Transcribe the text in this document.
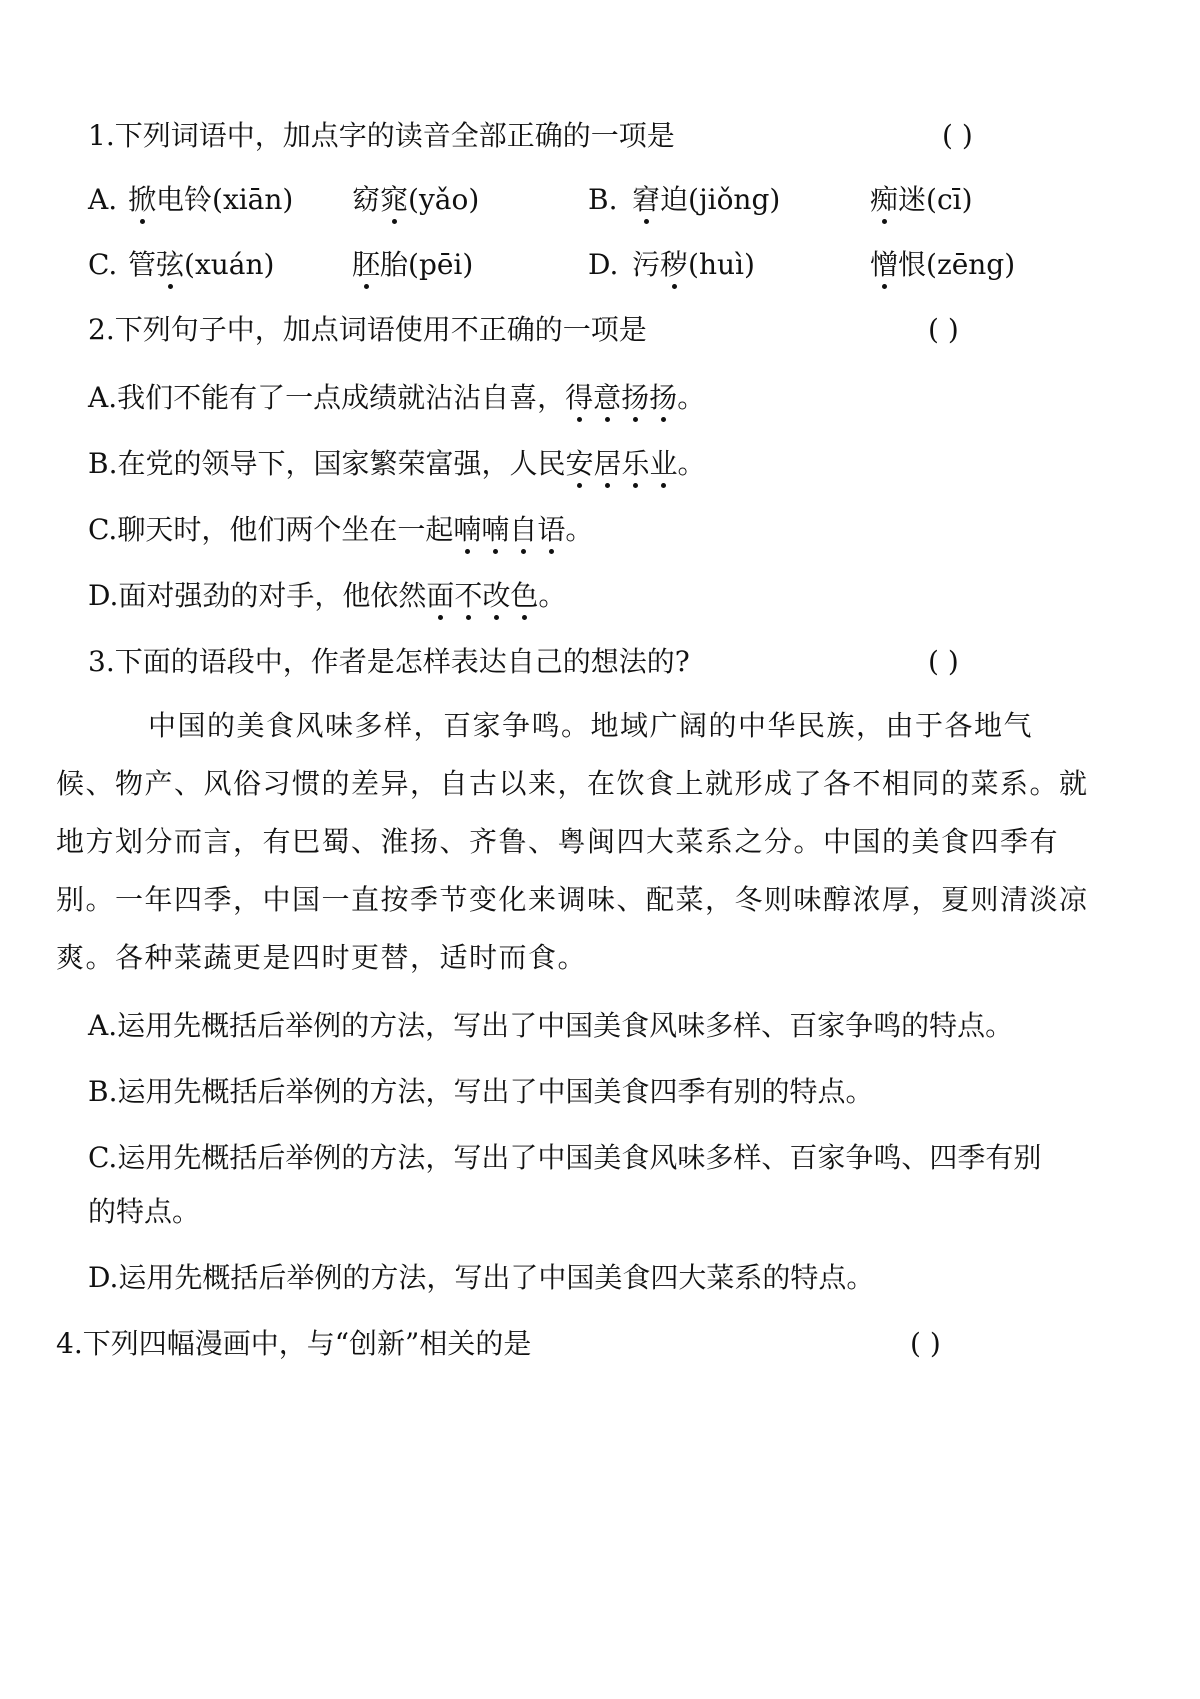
1.下列词语中，加点字的读音全部正确的一项是	( )
A. 掀电铃(xiān) 窈窕(yǎo)	B. 窘迫(jiǒng)	痴迷(cī)
C. 管弦(xuán)	胚胎(pēi)	D. 污秽(huì)	憎恨(zēng)
2.下列句子中，加点词语使用不正确的一项是	( )
A.我们不能有了一点成绩就沾沾自喜，得意扬扬。
B.在党的领导下，国家繁荣富强，人民安居乐业。
C.聊天时，他们两个坐在一起喃喃自语。
D.面对强劲的对手，他依然面不改色。
3.下面的语段中，作者是怎样表达自己的想法的?	( )
中国的美食风味多样，百家争鸣。地域广阔的中华民族，由于各地气
候、物产、风俗习惯的差异，自古以来，在饮食上就形成了各不相同的菜系。就
地方划分而言，有巴蜀、淮扬、齐鲁、粤闽四大菜系之分。中国的美食四季有
别。一年四季，中国一直按季节变化来调味、配菜，冬则味醇浓厚，夏则清淡凉
爽。各种菜蔬更是四时更替，适时而食。
A.运用先概括后举例的方法，写出了中国美食风味多样、百家争鸣的特点。
B.运用先概括后举例的方法，写出了中国美食四季有别的特点。
C.运用先概括后举例的方法，写出了中国美食风味多样、百家争鸣、四季有别
的特点。
D.运用先概括后举例的方法，写出了中国美食四大菜系的特点。
4.下列四幅漫画中，与“创新”相关的是	( )
